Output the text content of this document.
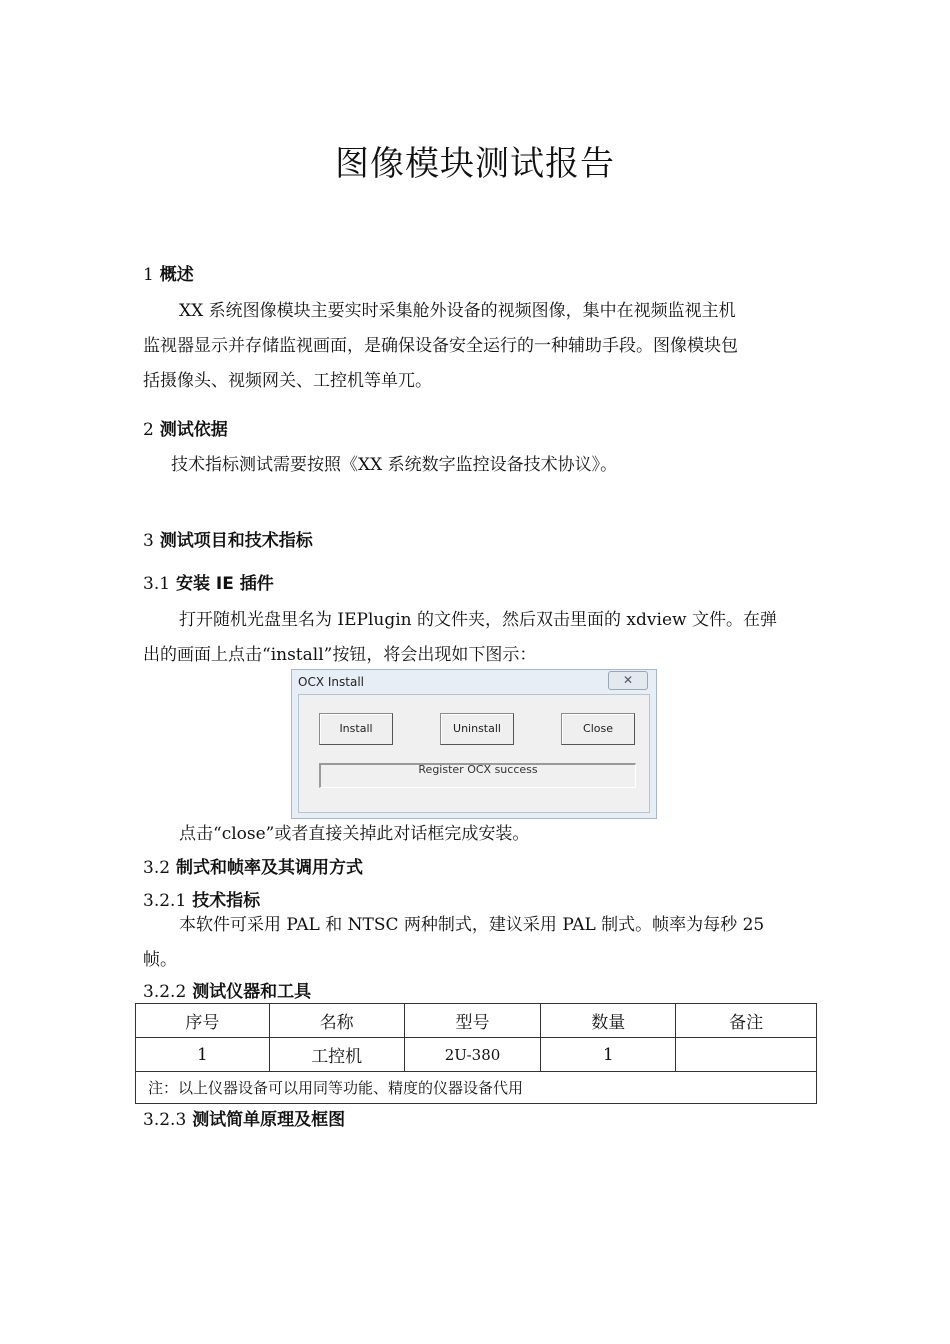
图像模块测试报告
1 概述
XX 系统图像模块主要实时采集舱外设备的视频图像，集中在视频监视主机
监视器显示并存储监视画面，是确保设备安全运行的一种辅助手段。图像模块包
括摄像头、视频网关、工控机等单兀。
2 测试依据
技术指标测试需要按照《XX 系统数字监控设备技术协议》。
3 测试项目和技术指标
3.1 安装 IE 插件
打开随机光盘里名为 IEPlugin 的文件夹，然后双击里面的 xdview 文件。在弹
出的画面上点击“install”按钮，将会出现如下图示：
OCX Install	✕
Install	Uninstall	Close
Register OCX success
点击“close”或者直接关掉此对话框完成安装。
3.2 制式和帧率及其调用方式
3.2.1 技术指标
本软件可采用 PAL 和 NTSC 两种制式，建议采用 PAL 制式。帧率为每秒 25
帧。
3.2.2 测试仪器和工具
序号	名称	型号	数量	备注
1	工控机	2U-380	1	
注：以上仪器设备可以用同等功能、精度的仪器设备代用				
3.2.3 测试简单原理及框图
